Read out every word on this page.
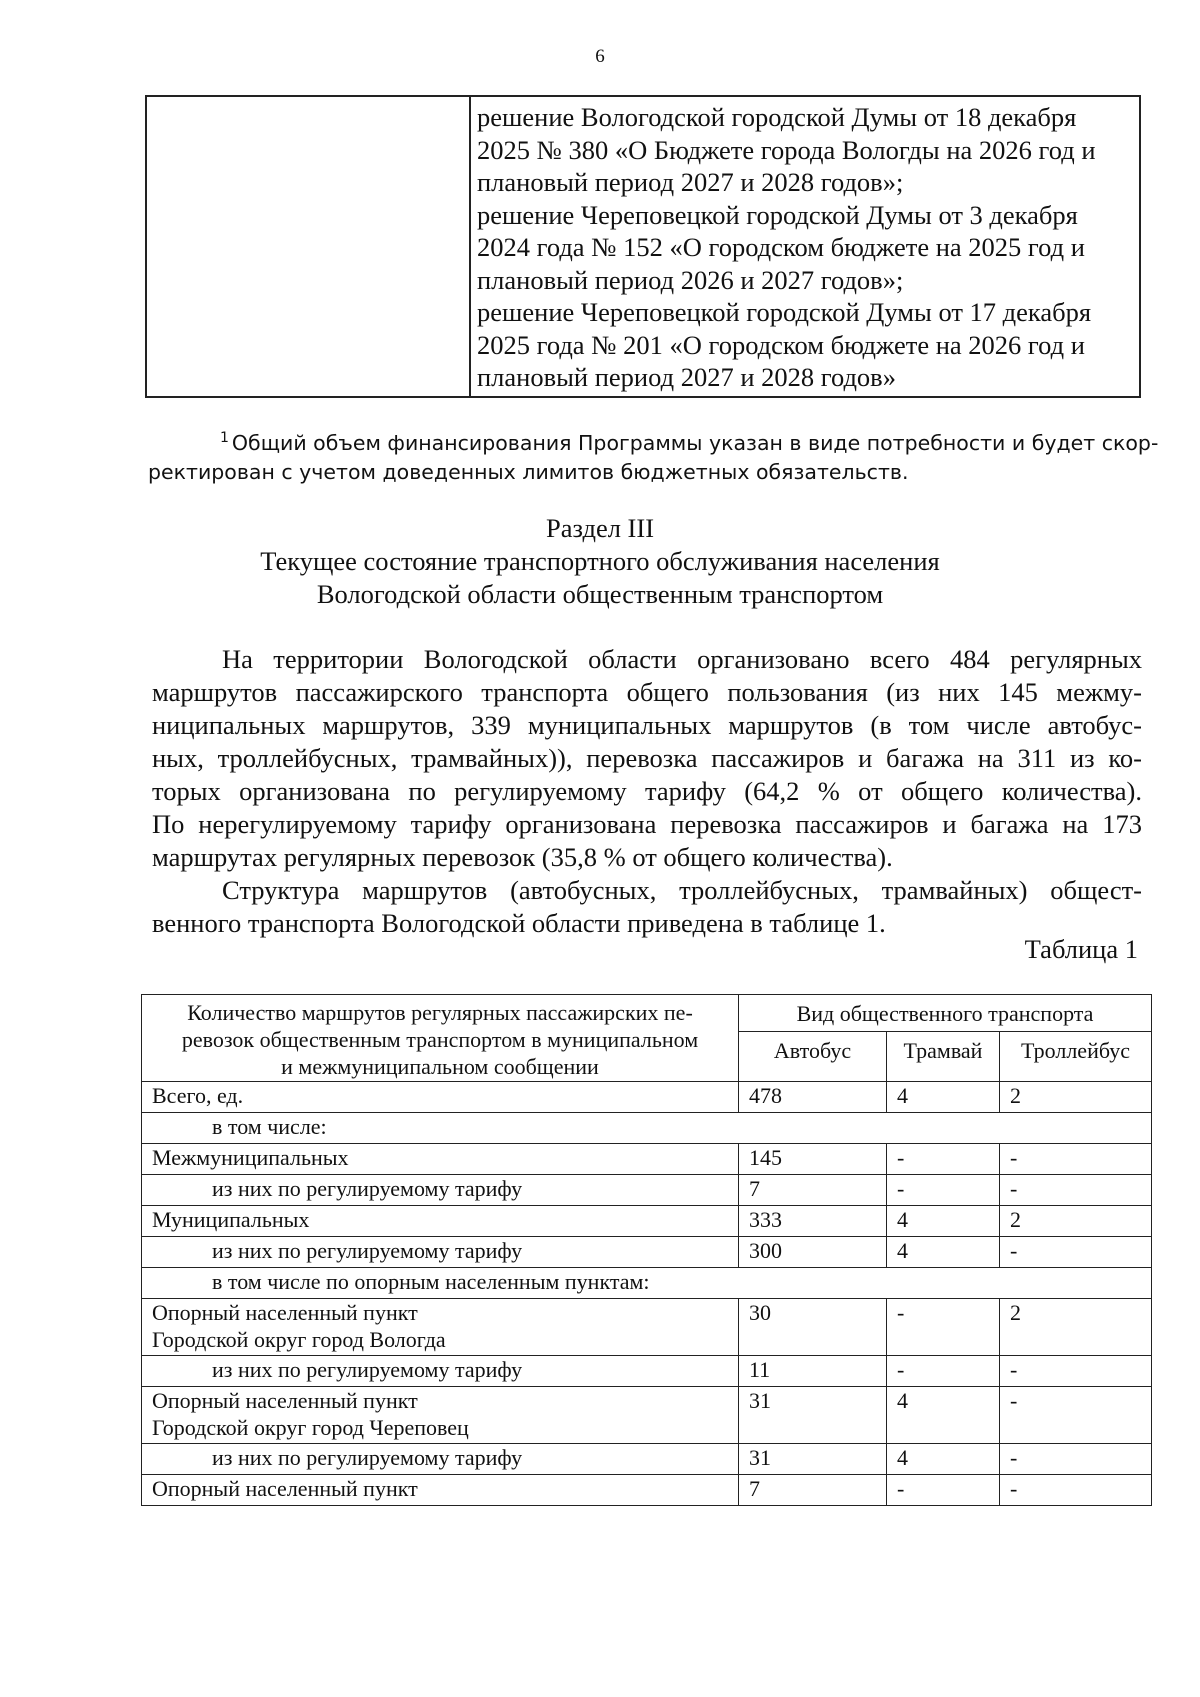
6

решение Вологодской городской Думы от 18 декабря
2025 № 380 «О Бюджете города Вологды на 2026 год и
плановый период 2027 и 2028 годов»;
решение Череповецкой городской Думы от 3 декабря
2024 года № 152 «О городском бюджете на 2025 год и
плановый период 2026 и 2027 годов»;
решение Череповецкой городской Думы от 17 декабря
2025 года № 201 «О городском бюджете на 2026 год и
плановый период 2027 и 2028 годов»

$^1$ Общий объем финансирования Программы указан в виде потребности и будет скор-

ректирован с учетом доведенных лимитов бюджетных обязательств.

Раздел III
Текущее состояние транспортного обслуживания населения
Вологодской области общественным транспортом
На территории Вологодской области организовано всего 484 регулярных
маршрутов пассажирского транспорта общего пользования (из них 145 межму-
ниципальных маршрутов, 339 муниципальных маршрутов (в том числе автобус-
ных, троллейбусных, трамвайных)), перевозка пассажиров и багажа на 311 из ко-
торых организована по регулируемому тарифу (64,2 % от общего количества).
По нерегулируемому тарифу организована перевозка пассажиров и багажа на 173
маршрутах регулярных перевозок (35,8 % от общего количества).
Структура маршрутов (автобусных, троллейбусных, трамвайных) общест-
венного транспорта Вологодской области приведена в таблице 1.
Таблица 1
Количество маршрутов регулярных пассажирских пе-
ревозок общественным транспортом в муниципальном
и межмуниципальном сообщении	Вид общественного транспорта		
	Автобус	Трамвай	Троллейбус
Всего, ед.	478	4	2
в том числе:			
Межмуниципальных	145	-	-
из них по регулируемому тарифу	7	-	-
Муниципальных	333	4	2
из них по регулируемому тарифу	300	4	-
в том числе по опорным населенным пунктам:			

Опорный населенный пункт
Городской округ город Вологда	30	-	2
из них по регулируемому тарифу	11	-	-

Опорный населенный пункт
Городской округ город Череповец	31	4	-
из них по регулируемому тарифу	31	4	-
Опорный населенный пункт	7	-	-
